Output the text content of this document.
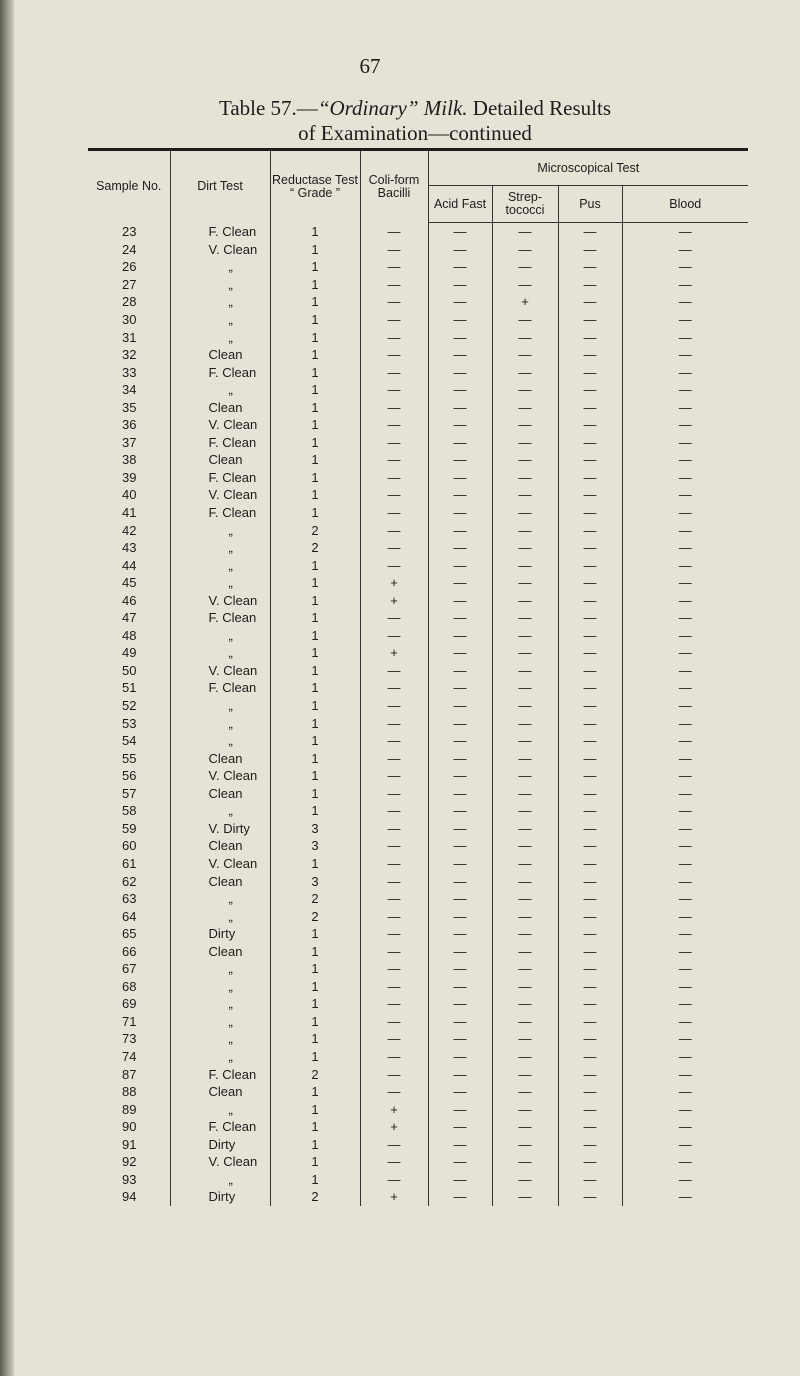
67
Table 57.—“Ordinary” Milk. Detailed Results
of Examination—continued
Sample No.	Dirt Test	Reductase Test “ Grade ”	Coli-form Bacilli	Microscopical Test			
				Acid Fast	Strep-tococci	Pus	Blood
23	F. Clean	1	—	—	—	—	—
24	V. Clean	1	—	—	—	—	—
26	„	1	—	—	—	—	—
27	„	1	—	—	—	—	—
28	„	1	—	—	+	—	—
30	„	1	—	—	—	—	—
31	„	1	—	—	—	—	—
32	Clean	1	—	—	—	—	—
33	F. Clean	1	—	—	—	—	—
34	„	1	—	—	—	—	—
35	Clean	1	—	—	—	—	—
36	V. Clean	1	—	—	—	—	—
37	F. Clean	1	—	—	—	—	—
38	Clean	1	—	—	—	—	—
39	F. Clean	1	—	—	—	—	—
40	V. Clean	1	—	—	—	—	—
41	F. Clean	1	—	—	—	—	—
42	„	2	—	—	—	—	—
43	„	2	—	—	—	—	—
44	„	1	—	—	—	—	—
45	„	1	+	—	—	—	—
46	V. Clean	1	+	—	—	—	—
47	F. Clean	1	—	—	—	—	—
48	„	1	—	—	—	—	—
49	„	1	+	—	—	—	—
50	V. Clean	1	—	—	—	—	—
51	F. Clean	1	—	—	—	—	—
52	„	1	—	—	—	—	—
53	„	1	—	—	—	—	—
54	„	1	—	—	—	—	—
55	Clean	1	—	—	—	—	—
56	V. Clean	1	—	—	—	—	—
57	Clean	1	—	—	—	—	—
58	„	1	—	—	—	—	—
59	V. Dirty	3	—	—	—	—	—
60	Clean	3	—	—	—	—	—
61	V. Clean	1	—	—	—	—	—
62	Clean	3	—	—	—	—	—
63	„	2	—	—	—	—	—
64	„	2	—	—	—	—	—
65	Dirty	1	—	—	—	—	—
66	Clean	1	—	—	—	—	—
67	„	1	—	—	—	—	—
68	„	1	—	—	—	—	—
69	„	1	—	—	—	—	—
71	„	1	—	—	—	—	—
73	„	1	—	—	—	—	—
74	„	1	—	—	—	—	—
87	F. Clean	2	—	—	—	—	—
88	Clean	1	—	—	—	—	—
89	„	1	+	—	—	—	—
90	F. Clean	1	+	—	—	—	—
91	Dirty	1	—	—	—	—	—
92	V. Clean	1	—	—	—	—	—
93	„	1	—	—	—	—	—
94	Dirty	2	+	—	—	—	—
